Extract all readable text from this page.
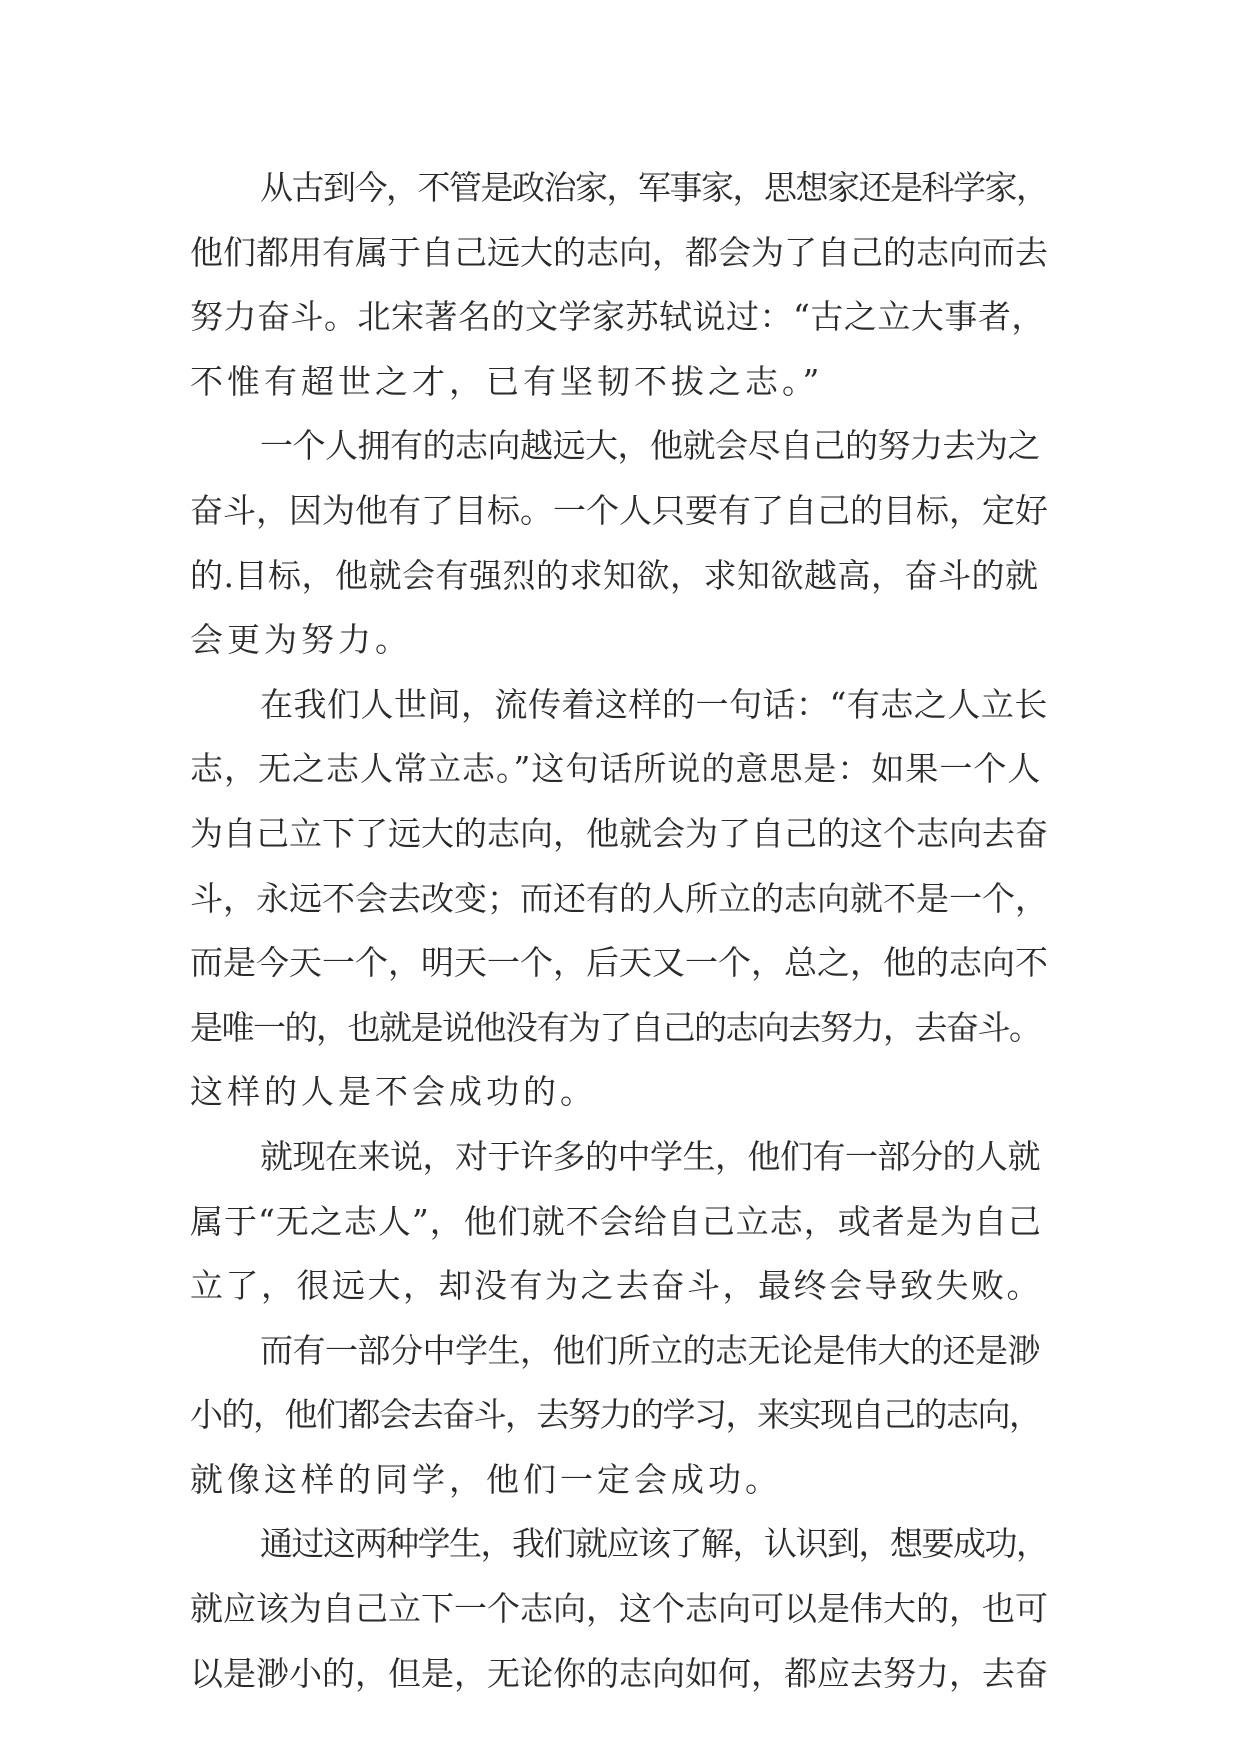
从古到今，不管是政治家，军事家，思想家还是科学家，
他们都用有属于自己远大的志向，都会为了自己的志向而去
努力奋斗。北宋著名的文学家苏轼说过：“古之立大事者，
不惟有超世之才，已有坚韧不拔之志。”
一个人拥有的志向越远大，他就会尽自己的努力去为之
奋斗，因为他有了目标。一个人只要有了自己的目标，定好
的.目标，他就会有强烈的求知欲，求知欲越高，奋斗的就
会更为努力。
在我们人世间，流传着这样的一句话：“有志之人立长
志，无之志人常立志。”这句话所说的意思是：如果一个人
为自己立下了远大的志向，他就会为了自己的这个志向去奋
斗，永远不会去改变；而还有的人所立的志向就不是一个，
而是今天一个，明天一个，后天又一个，总之，他的志向不
是唯一的，也就是说他没有为了自己的志向去努力，去奋斗。
这样的人是不会成功的。
就现在来说，对于许多的中学生，他们有一部分的人就
属于“无之志人”，他们就不会给自己立志，或者是为自己
立了，很远大，却没有为之去奋斗，最终会导致失败。
而有一部分中学生，他们所立的志无论是伟大的还是渺
小的，他们都会去奋斗，去努力的学习，来实现自己的志向，
就像这样的同学，他们一定会成功。
通过这两种学生，我们就应该了解，认识到，想要成功，
就应该为自己立下一个志向，这个志向可以是伟大的，也可
以是渺小的，但是，无论你的志向如何，都应去努力，去奋
